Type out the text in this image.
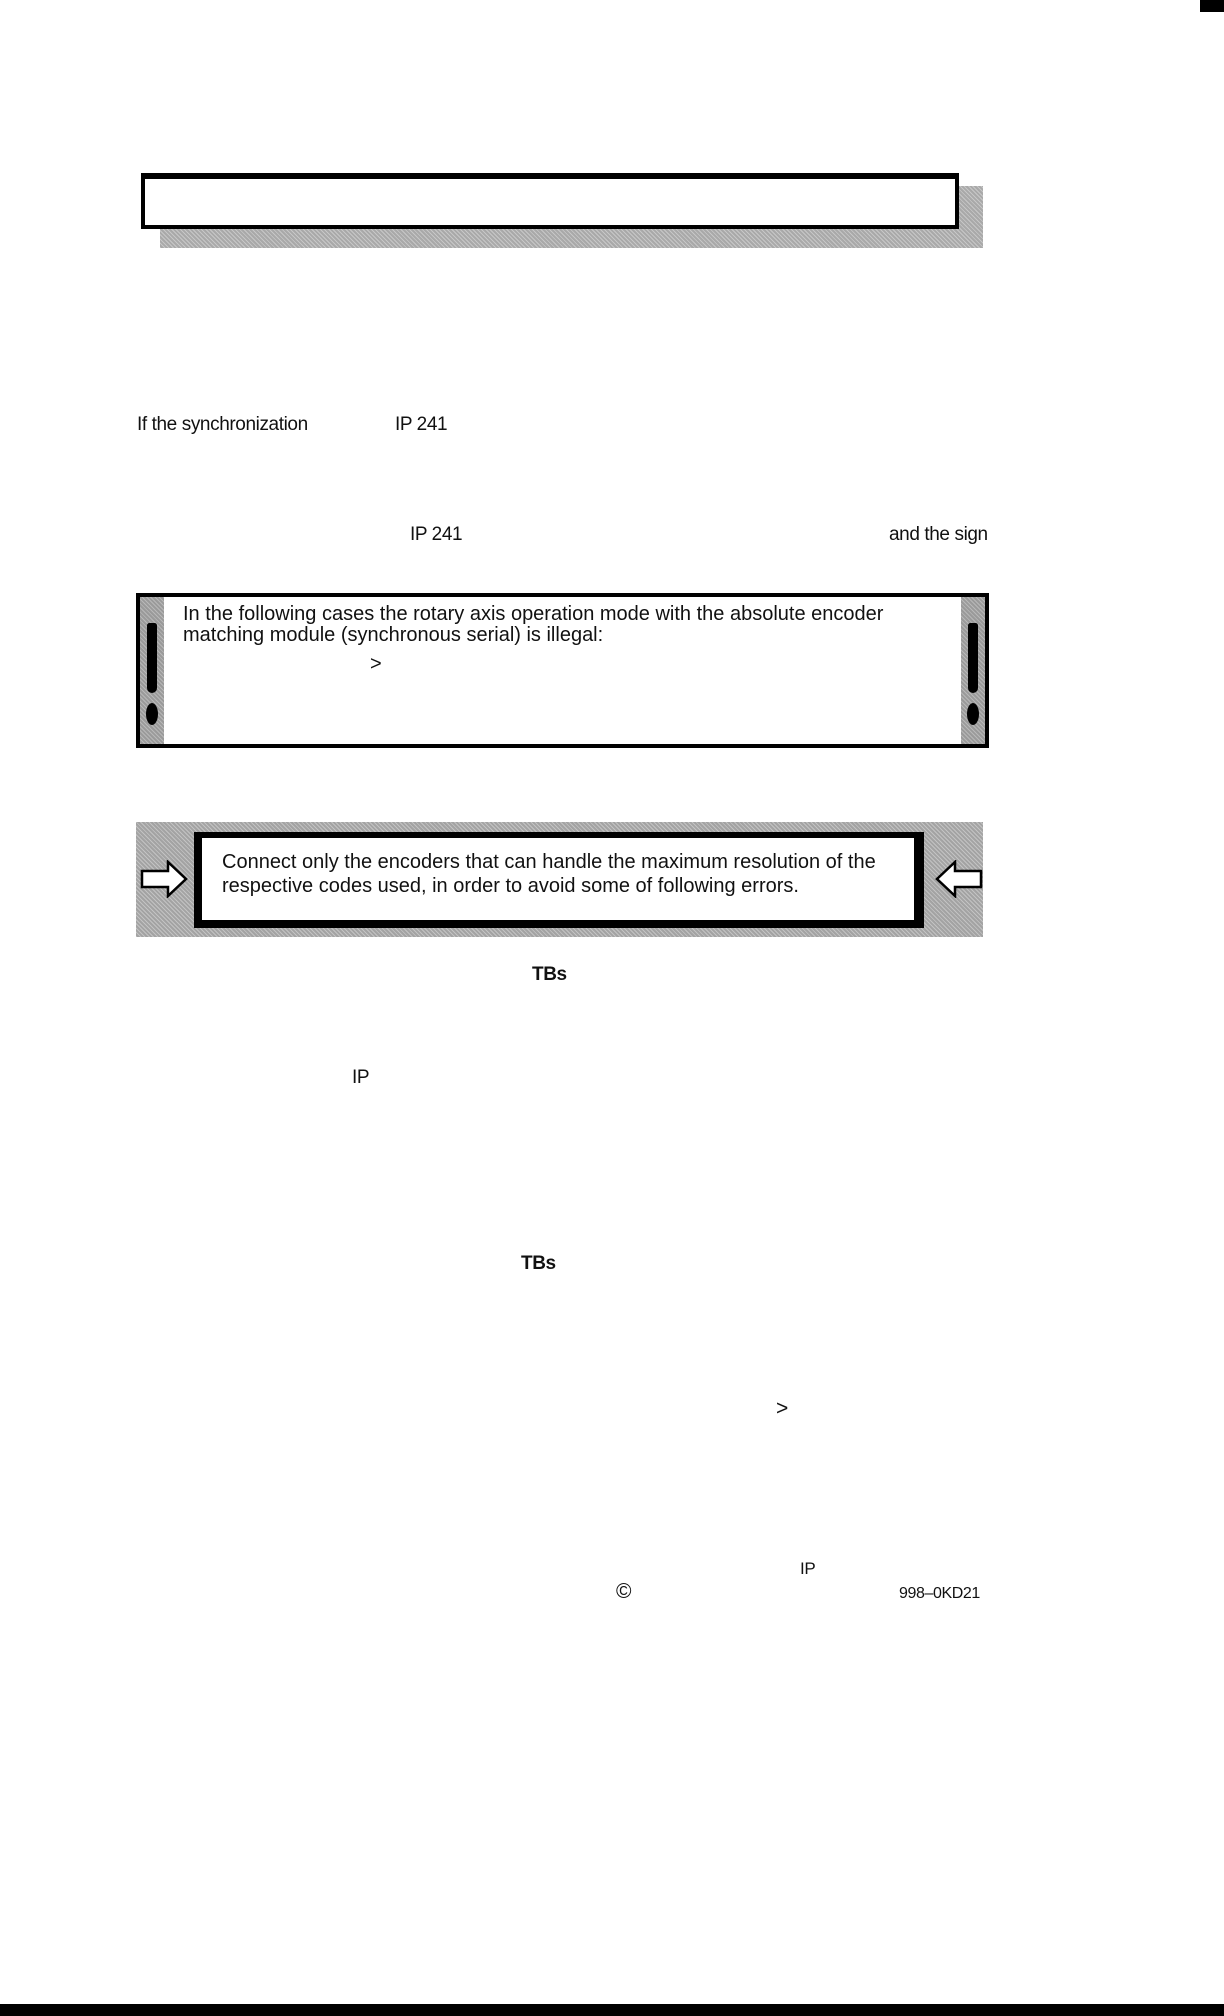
If the synchronization	IP 241
IP 241	and the sign
In the following cases the rotary axis operation mode with the absolute encoder
matching module (synchronous serial) is illegal:
>
Connect only the encoders that can handle the maximum resolution of the
respective codes used, in order to avoid some of following errors.
TBs
IP
TBs
>
IP
©	998–0KD21
